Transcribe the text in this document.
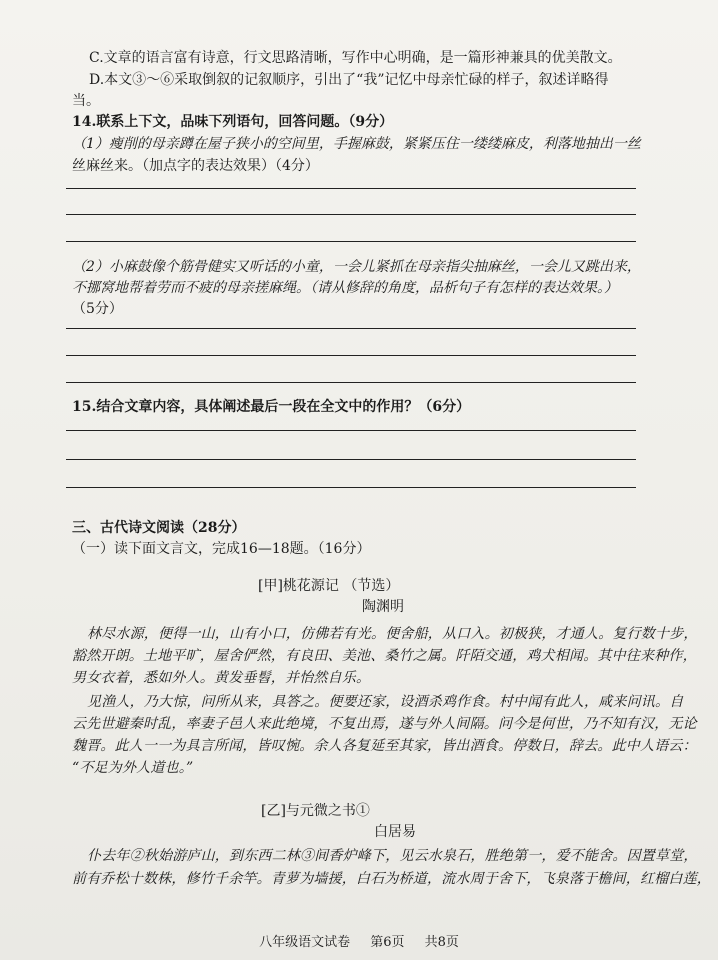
C.文章的语言富有诗意，行文思路清晰，写作中心明确，是一篇形神兼具的优美散文。
D.本文③～⑥采取倒叙的记叙顺序，引出了“我”记忆中母亲忙碌的样子，叙述详略得
当。
14.联系上下文，品味下列语句，回答问题。（9分）
（1）瘦削的母亲蹲在屋子狭小的空间里，手握麻鼓，紧紧压住一缕缕麻皮，利落地抽出一丝
丝麻丝来。（加点字的表达效果）（4分）
（2）小麻鼓像个筋骨健实又听话的小童，一会儿紧抓在母亲指尖抽麻丝，一会儿又跳出来，
不挪窝地帮着劳而不疲的母亲搓麻绳。（请从修辞的角度，品析句子有怎样的表达效果。）
（5分）
15.结合文章内容，具体阐述最后一段在全文中的作用？（6分）
三、古代诗文阅读（28分）
（一）读下面文言文，完成16—18题。（16分）
[甲]桃花源记 （节选）
陶渊明
林尽水源，便得一山，山有小口，仿佛若有光。便舍船，从口入。初极狭，才通人。复行数十步，
豁然开朗。土地平旷，屋舍俨然，有良田、美池、桑竹之属。阡陌交通，鸡犬相闻。其中往来种作，
男女衣着，悉如外人。黄发垂髫，并怡然自乐。
见渔人，乃大惊，问所从来，具答之。便要还家，设酒杀鸡作食。村中闻有此人，咸来问讯。自
云先世避秦时乱，率妻子邑人来此绝境，不复出焉，遂与外人间隔。问今是何世，乃不知有汉，无论
魏晋。此人一一为具言所闻，皆叹惋。余人各复延至其家，皆出酒食。停数日，辞去。此中人语云：
“不足为外人道也。”
[乙]与元微之书①
白居易
仆去年②秋始游庐山，到东西二林③间香炉峰下，见云水泉石，胜绝第一，爱不能舍。因置草堂，
前有乔松十数株，修竹千余竿。青萝为墙援，白石为桥道，流水周于舍下，飞泉落于檐间，红榴白莲，
八年级语文试卷 第6页 共8页
